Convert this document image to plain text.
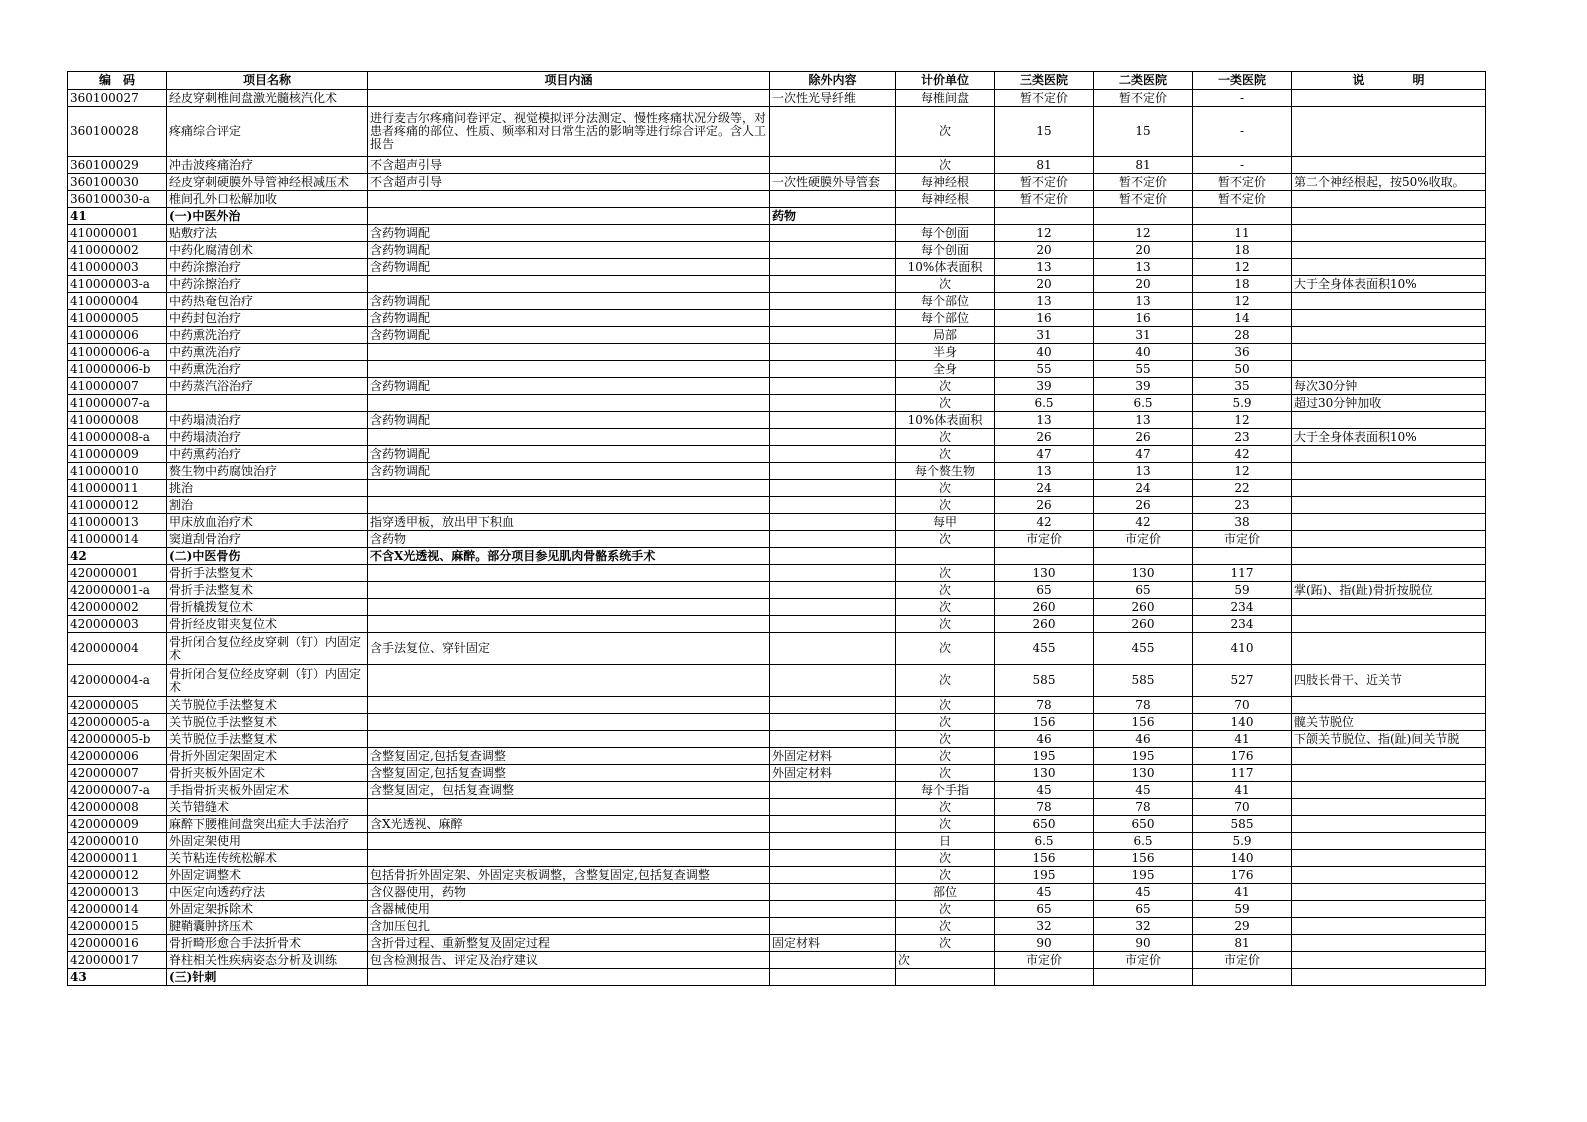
编　码	项目名称	项目内涵	除外内容	计价单位	三类医院	二类医院	一类医院	说　　　　明
360100027	经皮穿刺椎间盘激光髓核汽化术		一次性光导纤维	每椎间盘	暂不定价	暂不定价	-	
360100028	疼痛综合评定	进行麦吉尔疼痛问卷评定、视觉模拟评分法测定、慢性疼痛状况分级等，对患者疼痛的部位、性质、频率和对日常生活的影响等进行综合评定。含人工报告		次	15	15	-	
360100029	冲击波疼痛治疗	不含超声引导		次	81	81	-	
360100030	经皮穿刺硬膜外导管神经根减压术	不含超声引导	一次性硬膜外导管套	每神经根	暂不定价	暂不定价	暂不定价	第二个神经根起，按50%收取。
360100030-a	椎间孔外口松解加收			每神经根	暂不定价	暂不定价	暂不定价	
41	(一)中医外治		药物					
410000001	贴敷疗法	含药物调配		每个创面	12	12	11	
410000002	中药化腐清创术	含药物调配		每个创面	20	20	18	
410000003	中药涂擦治疗	含药物调配		10%体表面积	13	13	12	
410000003-a	中药涂擦治疗			次	20	20	18	大于全身体表面积10%
410000004	中药热奄包治疗	含药物调配		每个部位	13	13	12	
410000005	中药封包治疗	含药物调配		每个部位	16	16	14	
410000006	中药熏洗治疗	含药物调配		局部	31	31	28	
410000006-a	中药熏洗治疗			半身	40	40	36	
410000006-b	中药熏洗治疗			全身	55	55	50	
410000007	中药蒸汽浴治疗	含药物调配		次	39	39	35	每次30分钟
410000007-a				次	6.5	6.5	5.9	超过30分钟加收
410000008	中药塌渍治疗	含药物调配		10%体表面积	13	13	12	
410000008-a	中药塌渍治疗			次	26	26	23	大于全身体表面积10%
410000009	中药熏药治疗	含药物调配		次	47	47	42	
410000010	赘生物中药腐蚀治疗	含药物调配		每个赘生物	13	13	12	
410000011	挑治			次	24	24	22	
410000012	割治			次	26	26	23	
410000013	甲床放血治疗术	指穿透甲板，放出甲下积血		每甲	42	42	38	
410000014	窦道刮骨治疗	含药物		次	市定价	市定价	市定价	
42	(二)中医骨伤	不含X光透视、麻醉。部分项目参见肌肉骨骼系统手术						
420000001	骨折手法整复术			次	130	130	117	
420000001-a	骨折手法整复术			次	65	65	59	掌(跖)、指(趾)骨折按脱位
420000002	骨折橇拨复位术			次	260	260	234	
420000003	骨折经皮钳夹复位术			次	260	260	234	
420000004	骨折闭合复位经皮穿刺（钉）内固定术	含手法复位、穿针固定		次	455	455	410	
420000004-a	骨折闭合复位经皮穿刺（钉）内固定术			次	585	585	527	四肢长骨干、近关节
420000005	关节脱位手法整复术			次	78	78	70	
420000005-a	关节脱位手法整复术			次	156	156	140	髋关节脱位
420000005-b	关节脱位手法整复术			次	46	46	41	下颌关节脱位、指(趾)间关节脱
420000006	骨折外固定架固定术	含整复固定,包括复查调整	外固定材料	次	195	195	176	
420000007	骨折夹板外固定术	含整复固定,包括复查调整	外固定材料	次	130	130	117	
420000007-a	手指骨折夹板外固定术	含整复固定，包括复查调整		每个手指	45	45	41	
420000008	关节错缝术			次	78	78	70	
420000009	麻醉下腰椎间盘突出症大手法治疗	含X光透视、麻醉		次	650	650	585	
420000010	外固定架使用			日	6.5	6.5	5.9	
420000011	关节粘连传统松解术			次	156	156	140	
420000012	外固定调整术	包括骨折外固定架、外固定夹板调整，含整复固定,包括复查调整		次	195	195	176	
420000013	中医定向透药疗法	含仪器使用，药物		部位	45	45	41	
420000014	外固定架拆除术	含器械使用		次	65	65	59	
420000015	腱鞘囊肿挤压术	含加压包扎		次	32	32	29	
420000016	骨折畸形愈合手法折骨术	含折骨过程、重新整复及固定过程	固定材料	次	90	90	81	
420000017	脊柱相关性疾病姿态分析及训练	包含检测报告、评定及治疗建议		次	市定价	市定价	市定价	
43	(三)针刺							
